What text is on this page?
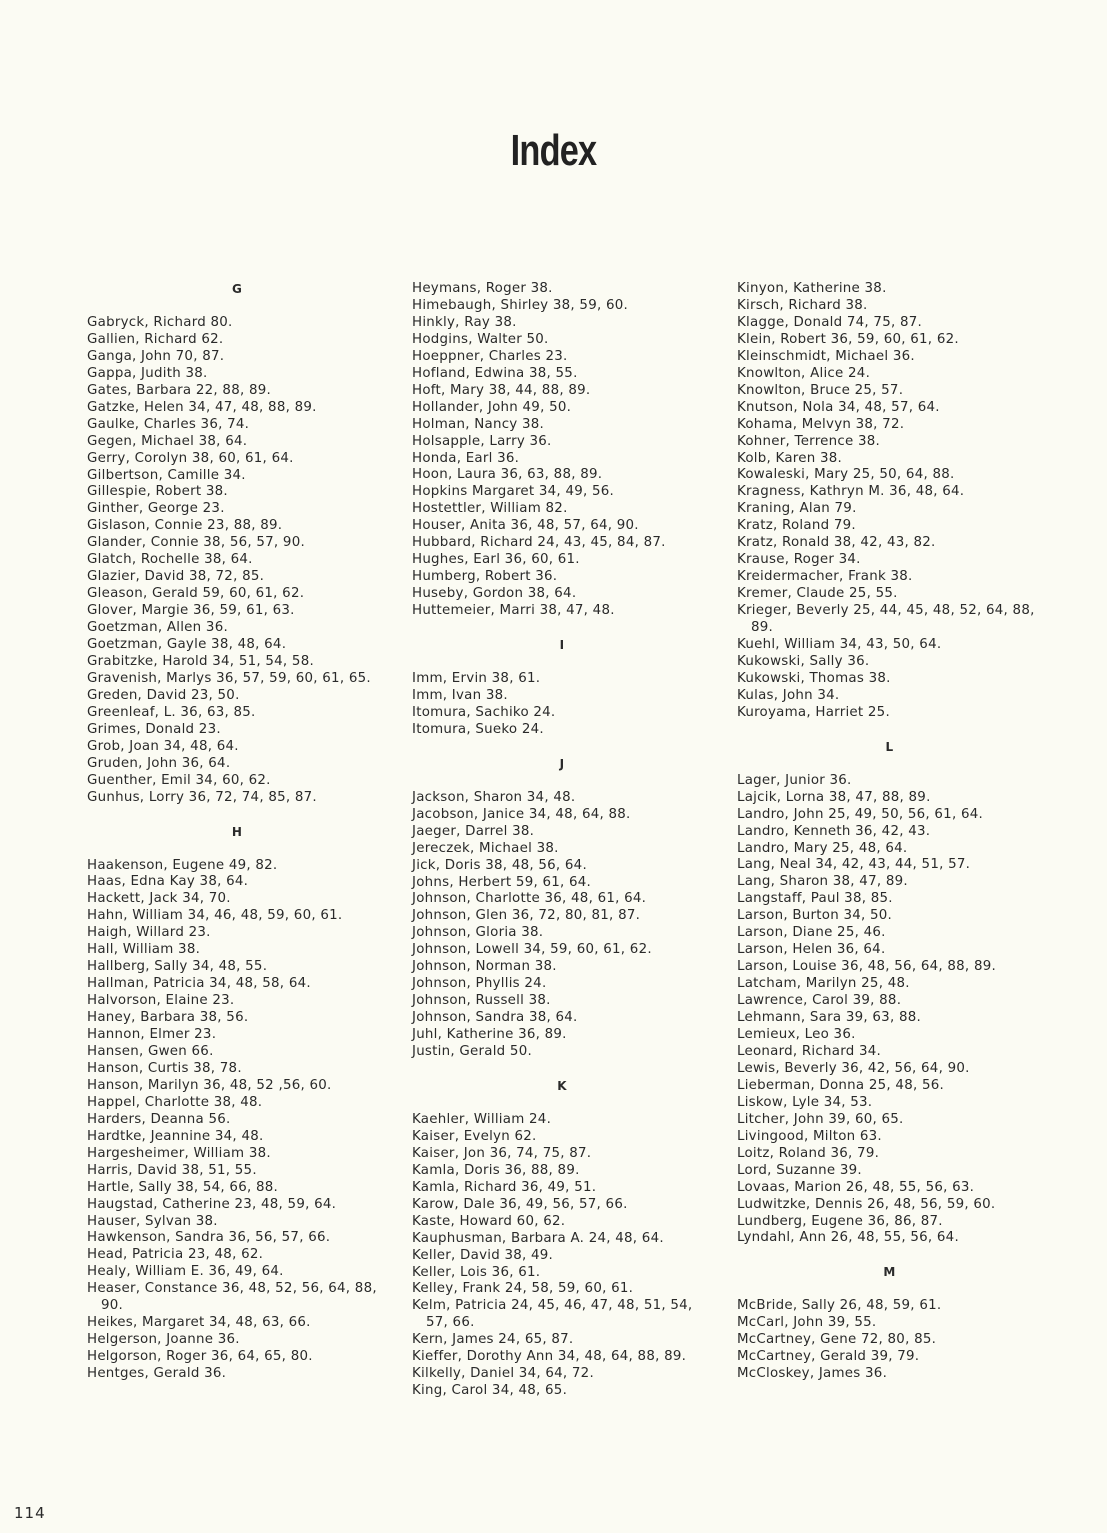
Index
G
Gabryck, Richard 80.
Gallien, Richard 62.
Ganga, John 70, 87.
Gappa, Judith 38.
Gates, Barbara 22, 88, 89.
Gatzke, Helen 34, 47, 48, 88, 89.
Gaulke, Charles 36, 74.
Gegen, Michael 38, 64.
Gerry, Corolyn 38, 60, 61, 64.
Gilbertson, Camille 34.
Gillespie, Robert 38.
Ginther, George 23.
Gislason, Connie 23, 88, 89.
Glander, Connie 38, 56, 57, 90.
Glatch, Rochelle 38, 64.
Glazier, David 38, 72, 85.
Gleason, Gerald 59, 60, 61, 62.
Glover, Margie 36, 59, 61, 63.
Goetzman, Allen 36.
Goetzman, Gayle 38, 48, 64.
Grabitzke, Harold 34, 51, 54, 58.
Gravenish, Marlys 36, 57, 59, 60, 61, 65.
Greden, David 23, 50.
Greenleaf, L. 36, 63, 85.
Grimes, Donald 23.
Grob, Joan 34, 48, 64.
Gruden, John 36, 64.
Guenther, Emil 34, 60, 62.
Gunhus, Lorry 36, 72, 74, 85, 87.
H
Haakenson, Eugene 49, 82.
Haas, Edna Kay 38, 64.
Hackett, Jack 34, 70.
Hahn, William 34, 46, 48, 59, 60, 61.
Haigh, Willard 23.
Hall, William 38.
Hallberg, Sally 34, 48, 55.
Hallman, Patricia 34, 48, 58, 64.
Halvorson, Elaine 23.
Haney, Barbara 38, 56.
Hannon, Elmer 23.
Hansen, Gwen 66.
Hanson, Curtis 38, 78.
Hanson, Marilyn 36, 48, 52 ,56, 60.
Happel, Charlotte 38, 48.
Harders, Deanna 56.
Hardtke, Jeannine 34, 48.
Hargesheimer, William 38.
Harris, David 38, 51, 55.
Hartle, Sally 38, 54, 66, 88.
Haugstad, Catherine 23, 48, 59, 64.
Hauser, Sylvan 38.
Hawkenson, Sandra 36, 56, 57, 66.
Head, Patricia 23, 48, 62.
Healy, William E. 36, 49, 64.
Heaser, Constance 36, 48, 52, 56, 64, 88, 90.
Heikes, Margaret 34, 48, 63, 66.
Helgerson, Joanne 36.
Helgorson, Roger 36, 64, 65, 80.
Hentges, Gerald 36.
Heymans, Roger 38.
Himebaugh, Shirley 38, 59, 60.
Hinkly, Ray 38.
Hodgins, Walter 50.
Hoeppner, Charles 23.
Hofland, Edwina 38, 55.
Hoft, Mary 38, 44, 88, 89.
Hollander, John 49, 50.
Holman, Nancy 38.
Holsapple, Larry 36.
Honda, Earl 36.
Hoon, Laura 36, 63, 88, 89.
Hopkins Margaret 34, 49, 56.
Hostettler, William 82.
Houser, Anita 36, 48, 57, 64, 90.
Hubbard, Richard 24, 43, 45, 84, 87.
Hughes, Earl 36, 60, 61.
Humberg, Robert 36.
Huseby, Gordon 38, 64.
Huttemeier, Marri 38, 47, 48.
I
Imm, Ervin 38, 61.
Imm, Ivan 38.
Itomura, Sachiko 24.
Itomura, Sueko 24.
J
Jackson, Sharon 34, 48.
Jacobson, Janice 34, 48, 64, 88.
Jaeger, Darrel 38.
Jereczek, Michael 38.
Jick, Doris 38, 48, 56, 64.
Johns, Herbert 59, 61, 64.
Johnson, Charlotte 36, 48, 61, 64.
Johnson, Glen 36, 72, 80, 81, 87.
Johnson, Gloria 38.
Johnson, Lowell 34, 59, 60, 61, 62.
Johnson, Norman 38.
Johnson, Phyllis 24.
Johnson, Russell 38.
Johnson, Sandra 38, 64.
Juhl, Katherine 36, 89.
Justin, Gerald 50.
K
Kaehler, William 24.
Kaiser, Evelyn 62.
Kaiser, Jon 36, 74, 75, 87.
Kamla, Doris 36, 88, 89.
Kamla, Richard 36, 49, 51.
Karow, Dale 36, 49, 56, 57, 66.
Kaste, Howard 60, 62.
Kauphusman, Barbara A. 24, 48, 64.
Keller, David 38, 49.
Keller, Lois 36, 61.
Kelley, Frank 24, 58, 59, 60, 61.
Kelm, Patricia 24, 45, 46, 47, 48, 51, 54, 57, 66.
Kern, James 24, 65, 87.
Kieffer, Dorothy Ann 34, 48, 64, 88, 89.
Kilkelly, Daniel 34, 64, 72.
King, Carol 34, 48, 65.
Kinyon, Katherine 38.
Kirsch, Richard 38.
Klagge, Donald 74, 75, 87.
Klein, Robert 36, 59, 60, 61, 62.
Kleinschmidt, Michael 36.
Knowlton, Alice 24.
Knowlton, Bruce 25, 57.
Knutson, Nola 34, 48, 57, 64.
Kohama, Melvyn 38, 72.
Kohner, Terrence 38.
Kolb, Karen 38.
Kowaleski, Mary 25, 50, 64, 88.
Kragness, Kathryn M. 36, 48, 64.
Kraning, Alan 79.
Kratz, Roland 79.
Kratz, Ronald 38, 42, 43, 82.
Krause, Roger 34.
Kreidermacher, Frank 38.
Kremer, Claude 25, 55.
Krieger, Beverly 25, 44, 45, 48, 52, 64, 88, 89.
Kuehl, William 34, 43, 50, 64.
Kukowski, Sally 36.
Kukowski, Thomas 38.
Kulas, John 34.
Kuroyama, Harriet 25.
L
Lager, Junior 36.
Lajcik, Lorna 38, 47, 88, 89.
Landro, John 25, 49, 50, 56, 61, 64.
Landro, Kenneth 36, 42, 43.
Landro, Mary 25, 48, 64.
Lang, Neal 34, 42, 43, 44, 51, 57.
Lang, Sharon 38, 47, 89.
Langstaff, Paul 38, 85.
Larson, Burton 34, 50.
Larson, Diane 25, 46.
Larson, Helen 36, 64.
Larson, Louise 36, 48, 56, 64, 88, 89.
Latcham, Marilyn 25, 48.
Lawrence, Carol 39, 88.
Lehmann, Sara 39, 63, 88.
Lemieux, Leo 36.
Leonard, Richard 34.
Lewis, Beverly 36, 42, 56, 64, 90.
Lieberman, Donna 25, 48, 56.
Liskow, Lyle 34, 53.
Litcher, John 39, 60, 65.
Livingood, Milton 63.
Loitz, Roland 36, 79.
Lord, Suzanne 39.
Lovaas, Marion 26, 48, 55, 56, 63.
Ludwitzke, Dennis 26, 48, 56, 59, 60.
Lundberg, Eugene 36, 86, 87.
Lyndahl, Ann 26, 48, 55, 56, 64.
M
McBride, Sally 26, 48, 59, 61.
McCarl, John 39, 55.
McCartney, Gene 72, 80, 85.
McCartney, Gerald 39, 79.
McCloskey, James 36.
114
